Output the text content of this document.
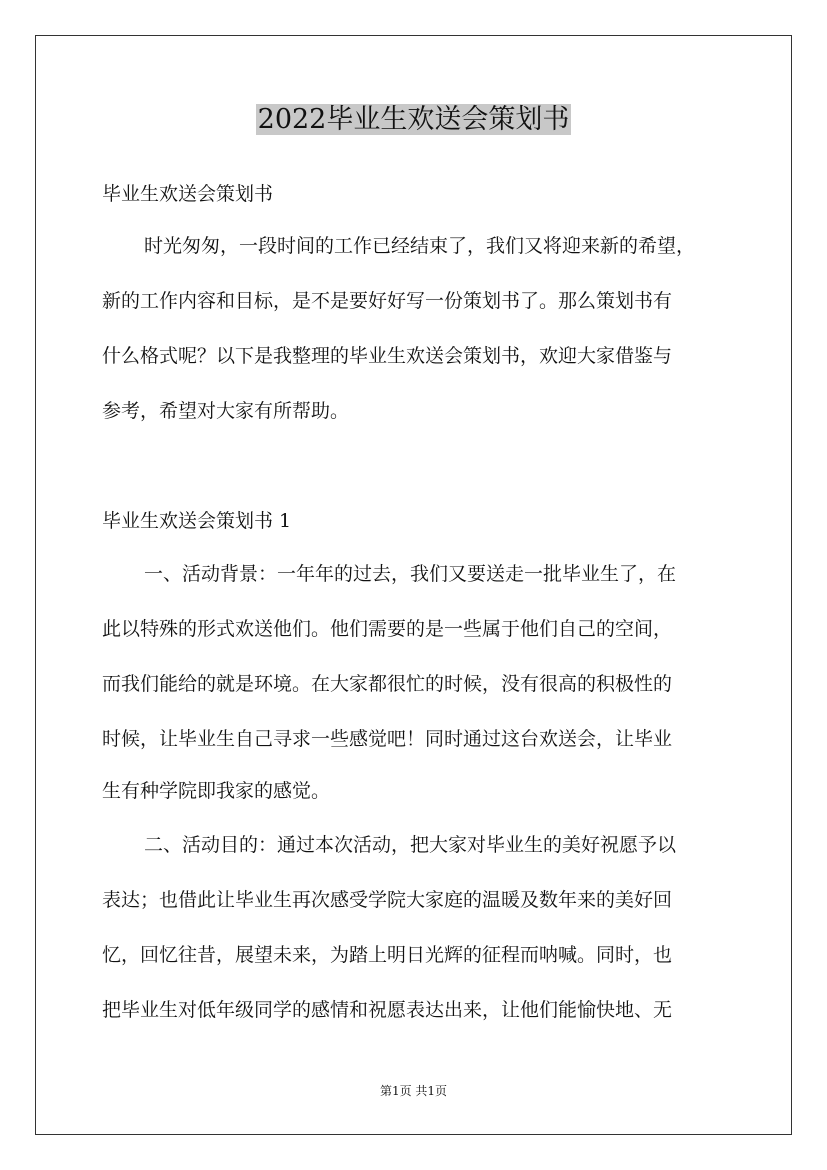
2022毕业生欢送会策划书
毕业生欢送会策划书
时光匆匆，一段时间的工作已经结束了，我们又将迎来新的希望，
新的工作内容和目标，是不是要好好写一份策划书了。那么策划书有
什么格式呢？以下是我整理的毕业生欢送会策划书，欢迎大家借鉴与
参考，希望对大家有所帮助。
毕业生欢送会策划书 1
一、活动背景：一年年的过去，我们又要送走一批毕业生了，在
此以特殊的形式欢送他们。他们需要的是一些属于他们自己的空间，
而我们能给的就是环境。在大家都很忙的时候，没有很高的积极性的
时候，让毕业生自己寻求一些感觉吧！同时通过这台欢送会，让毕业
生有种学院即我家的感觉。
二、活动目的：通过本次活动，把大家对毕业生的美好祝愿予以
表达；也借此让毕业生再次感受学院大家庭的温暖及数年来的美好回
忆，回忆往昔，展望未来，为踏上明日光辉的征程而呐喊。同时，也
把毕业生对低年级同学的感情和祝愿表达出来，让他们能愉快地、无
第1页 共1页
